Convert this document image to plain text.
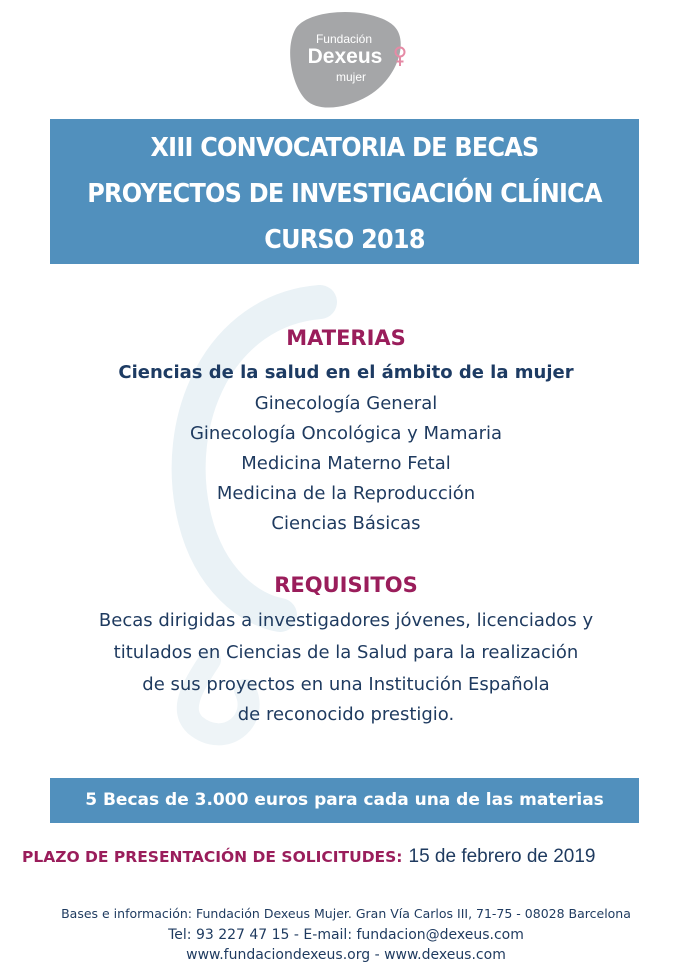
Fundación
Dexeus
mujer
XIII CONVOCATORIA DE BECAS
PROYECTOS DE INVESTIGACIÓN CLÍNICA
CURSO 2018
MATERIAS
Ciencias de la salud en el ámbito de la mujer
Ginecología General
Ginecología Oncológica y Mamaria
Medicina Materno Fetal
Medicina de la Reproducción
Ciencias Básicas
REQUISITOS
Becas dirigidas a investigadores jóvenes, licenciados y
titulados en Ciencias de la Salud para la realización
de sus proyectos en una Institución Española
de reconocido prestigio.
5 Becas de 3.000 euros para cada una de las materias
PLAZO DE PRESENTACIÓN DE SOLICITUDES: 15 de febrero de 2019
Bases e información: Fundación Dexeus Mujer. Gran Vía Carlos III, 71-75 - 08028 Barcelona
Tel: 93 227 47 15 - E-mail: fundacion@dexeus.com
www.fundaciondexeus.org - www.dexeus.com
